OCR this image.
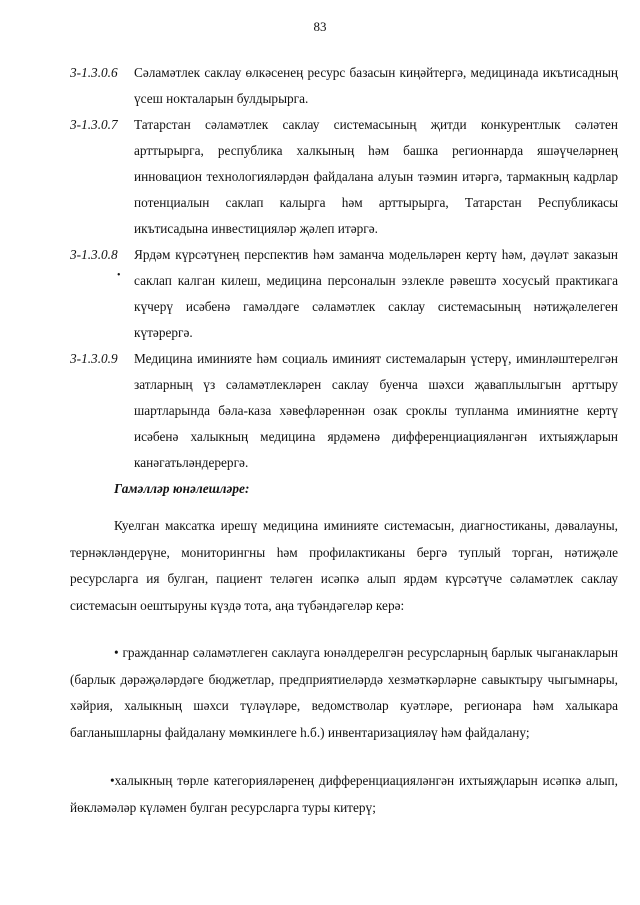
83
3-1.3.0.6 Сәламәтлек саклау өлкәсенең ресурс базасын киңәйтергә, медицинада икътисадның үсеш нокталарын булдырырга.
3-1.3.0.7 Татарстан сәламәтлек саклау системасының җитди конкурентлык сәләтен арттырырга, республика халкының һәм башка регионнарда яшәүчеләрнең инновацион технологияләрдән файдалана алуын тәэмин итәргә, тармакның кадрлар потенциалын саклап калырга һәм арттырырга, Татарстан Республикасы икътисадына инвестицияләр җәлеп итәргә.
3-1.3.0.8 Ярдәм күрсәтүнең перспектив һәм заманча модельләрен кертү һәм, дәүләт заказын саклап калган килеш, медицина персоналын эзлекле рәвештә хосусый практикага күчерү исәбенә гамәлдәге сәламәтлек саклау системасының нәтиҗәлелеген күтәрергә.
•
3-1.3.0.9 Медицина иминияте һәм социаль иминият системаларын үстерү, иминләштерелгән затларның үз сәламәтлекләрен саклау буенча шәхси җаваплылыгын арттыру шартларында бәла-каза хәвефләреннән озак сроклы тупланма иминиятне кертү исәбенә халыкның медицина ярдәменә дифференциацияләнгән ихтыяҗларын канәгатьләндерергә.
Гамәлләр юнәлешләре:
Куелган максатка ирешү медицина иминияте системасын, диагностиканы, дәвалауны, тернәкләндерүне, мониторингны һәм профилактиканы бергә туплый торган, нәтиҗәле ресурсларга ия булган, пациент теләген исәпкә алып ярдәм күрсәтүче сәламәтлек саклау системасын оештыруны күздә тота, аңа түбәндәгеләр керә:
• гражданнар сәламәтлеген саклауга юнәлдерелгән ресурсларның барлык чыганакларын (барлык дәрәҗәләрдәге бюджетлар, предприятиеләрдә хезмәткәрләрне савыктыру чыгымнары, хәйрия, халыкның шәхси түләүләре, ведомстволар куәтләре, регионара һәм халыкара багланышларны файдалану мөмкинлеге һ.б.) инвентаризацияләү һәм файдалану;
•халыкның төрле категорияләренең дифференциацияләнгән ихтыяҗларын исәпкә алып, йөкләмәләр күләмен булган ресурсларга туры китерү;
